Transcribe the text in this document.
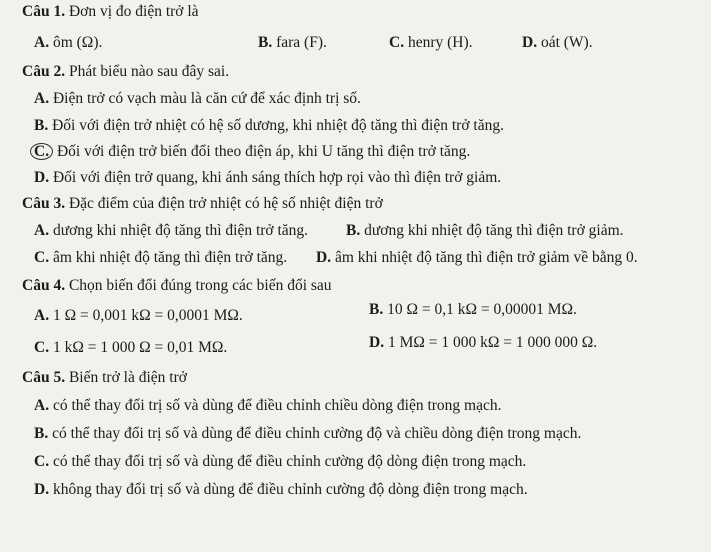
Câu 1. Đơn vị đo điện trở là
A. ôm (Ω).	B. fara (F).	C. henry (H).	D. oát (W).
Câu 2. Phát biểu nào sau đây sai.
A. Điện trở có vạch màu là căn cứ để xác định trị số.
B. Đối với điện trở nhiệt có hệ số dương, khi nhiệt độ tăng thì điện trở tăng.
C. Đối với điện trở biến đổi theo điện áp, khi U tăng thì điện trở tăng.
D. Đối với điện trở quang, khi ánh sáng thích hợp rọi vào thì điện trở giảm.
Câu 3. Đặc điểm của điện trở nhiệt có hệ số nhiệt điện trở
A. dương khi nhiệt độ tăng thì điện trở tăng. B. dương khi nhiệt độ tăng thì điện trở giảm.
C. âm khi nhiệt độ tăng thì điện trở tăng. D. âm khi nhiệt độ tăng thì điện trở giảm về bằng 0.
Câu 4. Chọn biến đổi đúng trong các biến đổi sau
A. 1 Ω = 0,001 kΩ = 0,0001 MΩ.	B. 10 Ω = 0,1 kΩ = 0,00001 MΩ.
C. 1 kΩ = 1 000 Ω = 0,01 MΩ.	D. 1 MΩ = 1 000 kΩ = 1 000 000 Ω.
Câu 5. Biến trở là điện trở
A. có thể thay đổi trị số và dùng để điều chỉnh chiều dòng điện trong mạch.
B. có thể thay đổi trị số và dùng để điều chỉnh cường độ và chiều dòng điện trong mạch.
C. có thể thay đổi trị số và dùng để điều chỉnh cường độ dòng điện trong mạch.
D. không thay đổi trị số và dùng để điều chỉnh cường độ dòng điện trong mạch.
